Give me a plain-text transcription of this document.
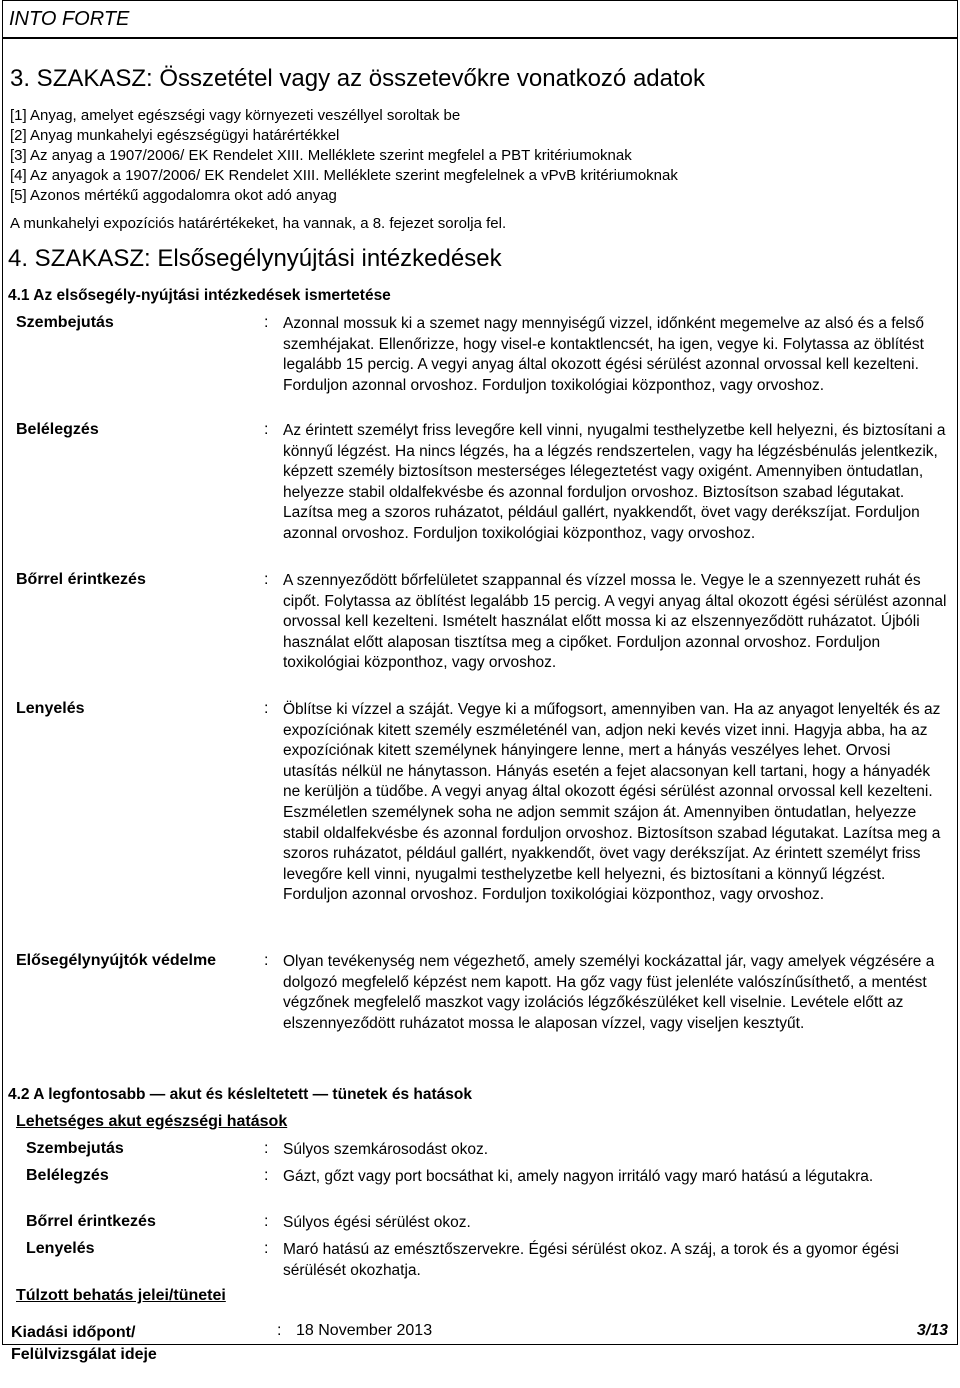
INTO FORTE
3. SZAKASZ: Összetétel vagy az összetevőkre vonatkozó adatok
[1] Anyag, amelyet egészségi vagy környezeti veszéllyel soroltak be
[2] Anyag munkahelyi egészségügyi határértékkel
[3] Az anyag a 1907/2006/ EK Rendelet XIII. Melléklete szerint megfelel a PBT kritériumoknak
[4] Az anyagok a 1907/2006/ EK Rendelet XIII. Melléklete szerint megfelelnek a vPvB kritériumoknak
[5] Azonos mértékű aggodalomra okot adó anyag
A munkahelyi expozíciós határértékeket, ha vannak, a 8. fejezet sorolja fel.
4. SZAKASZ: Elsősegélynyújtási intézkedések
4.1 Az elsősegély-nyújtási intézkedések ismertetése
Szembejutás	: Azonnal mossuk ki a szemet nagy mennyiségű vizzel, időnként megemelve az alsó és a felső szemhéjakat. Ellenőrizze, hogy visel-e kontaktlencsét, ha igen, vegye ki. Folytassa az öblítést legalább 15 percig. A vegyi anyag által okozott égési sérülést azonnal orvossal kell kezelteni. Forduljon azonnal orvoshoz. Forduljon toxikológiai központhoz, vagy orvoshoz.
Belélegzés	: Az érintett személyt friss levegőre kell vinni, nyugalmi testhelyzetbe kell helyezni, és biztosítani a könnyű légzést. Ha nincs légzés, ha a légzés rendszertelen, vagy ha légzésbénulás jelentkezik, képzett személy biztosítson mesterséges lélegeztetést vagy oxigént. Amennyiben öntudatlan, helyezze stabil oldalfekvésbe és azonnal forduljon orvoshoz. Biztosítson szabad légutakat. Lazítsa meg a szoros ruházatot, például gallért, nyakkendőt, övet vagy derékszíjat. Forduljon azonnal orvoshoz. Forduljon toxikológiai központhoz, vagy orvoshoz.
Bőrrel érintkezés	: A szennyeződött bőrfelületet szappannal és vízzel mossa le. Vegye le a szennyezett ruhát és cipőt. Folytassa az öblítést legalább 15 percig. A vegyi anyag által okozott égési sérülést azonnal orvossal kell kezelteni. Ismételt használat előtt mossa ki az elszennyeződött ruházatot. Újbóli használat előtt alaposan tisztítsa meg a cipőket. Forduljon azonnal orvoshoz. Forduljon toxikológiai központhoz, vagy orvoshoz.
Lenyelés	: Öblítse ki vízzel a száját. Vegye ki a műfogsort, amennyiben van. Ha az anyagot lenyelték és az expozíciónak kitett személy eszméleténél van, adjon neki kevés vizet inni. Hagyja abba, ha az expozíciónak kitett személynek hányingere lenne, mert a hányás veszélyes lehet. Orvosi utasítás nélkül ne hánytasson. Hányás esetén a fejet alacsonyan kell tartani, hogy a hányadék ne kerüljön a tüdőbe. A vegyi anyag által okozott égési sérülést azonnal orvossal kell kezelteni. Eszméletlen személynek soha ne adjon semmit szájon át. Amennyiben öntudatlan, helyezze stabil oldalfekvésbe és azonnal forduljon orvoshoz. Biztosítson szabad légutakat. Lazítsa meg a szoros ruházatot, például gallért, nyakkendőt, övet vagy derékszíjat. Az érintett személyt friss levegőre kell vinni, nyugalmi testhelyzetbe kell helyezni, és biztosítani a könnyű légzést. Forduljon azonnal orvoshoz. Forduljon toxikológiai központhoz, vagy orvoshoz.
Elősegélynyújtók védelme	: Olyan tevékenység nem végezhető, amely személyi kockázattal jár, vagy amelyek végzésére a dolgozó megfelelő képzést nem kapott. Ha gőz vagy füst jelenléte valószínűsíthető, a mentést végzőnek megfelelő maszkot vagy izolációs légzőkészüléket kell viselnie. Levétele előtt az elszennyeződött ruházatot mossa le alaposan vízzel, vagy viseljen kesztyűt.
4.2 A legfontosabb — akut és késleltetett — tünetek és hatások
Lehetséges akut egészségi hatások
Szembejutás	: Súlyos szemkárosodást okoz.
Belélegzés	: Gázt, gőzt vagy port bocsáthat ki, amely nagyon irritáló vagy maró hatású a légutakra.
Bőrrel érintkezés	: Súlyos égési sérülést okoz.
Lenyelés	: Maró hatású az emésztőszervekre. Égési sérülést okoz. A száj, a torok és a gyomor égési sérülését okozhatja.
Túlzott behatás jelei/tünetei
Kiadási időpont/
Felülvizsgálat ideje
: 18 November 2013	3/13
